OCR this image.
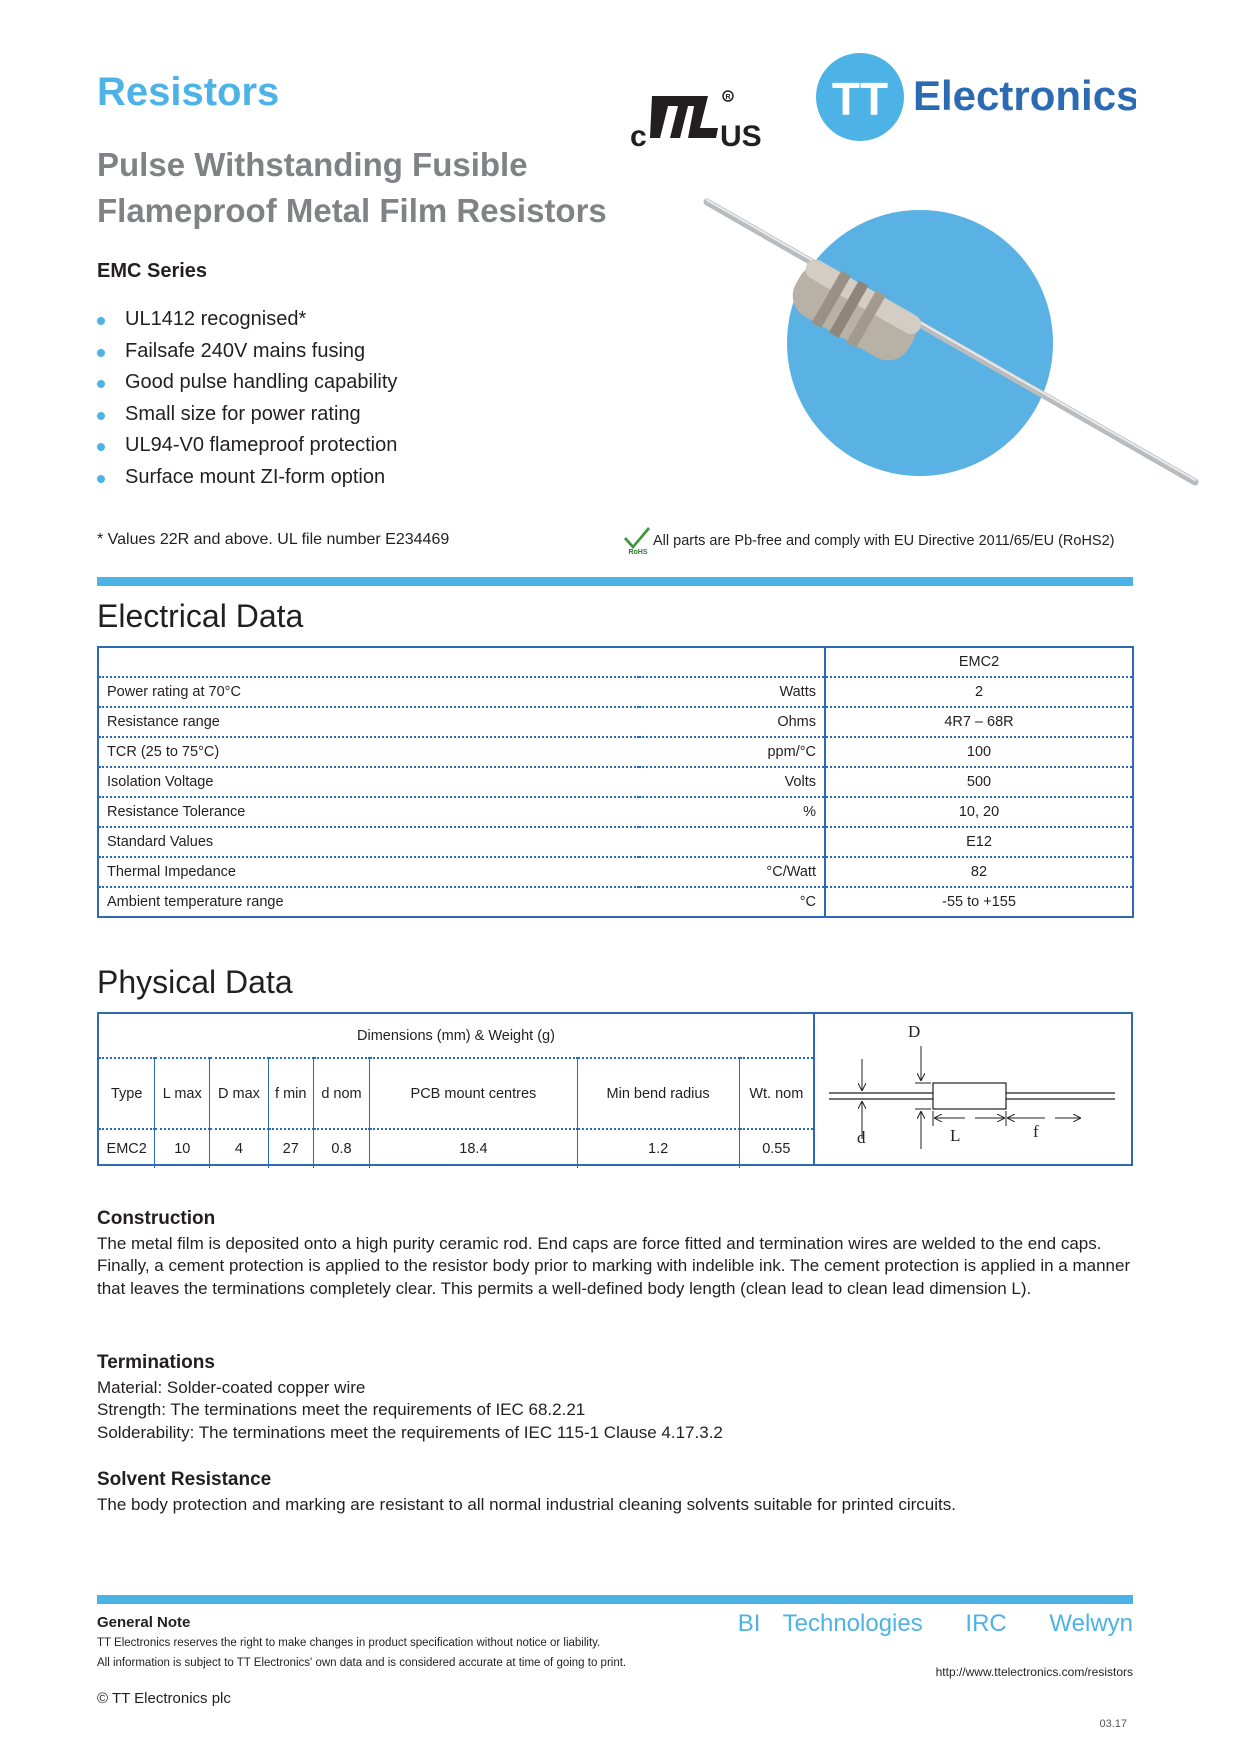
Resistors
Pulse Withstanding Fusible Flameproof Metal Film Resistors
EMC Series
c
R
US
TT Electronics
UL1412 recognised*
Failsafe 240V mains fusing
Good pulse handling capability
Small size for power rating
UL94-V0 flameproof protection
Surface mount ZI-form option
* Values 22R and above. UL file number E234469
RoHS
All parts are Pb-free and comply with EU Directive 2011/65/EU (RoHS2)
Electrical Data
		EMC2
Power rating at 70°C	Watts	2
Resistance range	Ohms	4R7 – 68R
TCR (25 to 75°C)	ppm/°C	100
Isolation Voltage	Volts	500
Resistance Tolerance	%	10, 20
Standard Values		E12
Thermal Impedance	°C/Watt	82
Ambient temperature range	°C	-55 to +155
Physical Data
Dimensions (mm) & Weight (g)							
Type	L max	D max	f min	d nom	PCB mount centres	Min bend radius	Wt. nom
EMC2	10	4	27	0.8	18.4	1.2	0.55
D
d	L	f
Construction

The metal film is deposited onto a high purity ceramic rod. End caps are force fitted and termination wires are welded to the end caps. Finally, a cement protection is applied to the resistor body prior to marking with indelible ink. The cement protection is applied in a manner that leaves the terminations completely clear. This permits a well-defined body length (clean lead to clean lead dimension L).

Terminations

Material: Solder-coated copper wire

Strength: The terminations meet the requirements of IEC 68.2.21

Solderability: The terminations meet the requirements of IEC 115-1 Clause 4.17.3.2

Solvent Resistance

The body protection and marking are resistant to all normal industrial cleaning solvents suitable for printed circuits.

General Note
TT Electronics reserves the right to make changes in product specification without notice or liability.
All information is subject to TT Electronics' own data and is considered accurate at time of going to print.
BI Technologies IRC Welwyn
http://www.ttelectronics.com/resistors
© TT Electronics plc
03.17
